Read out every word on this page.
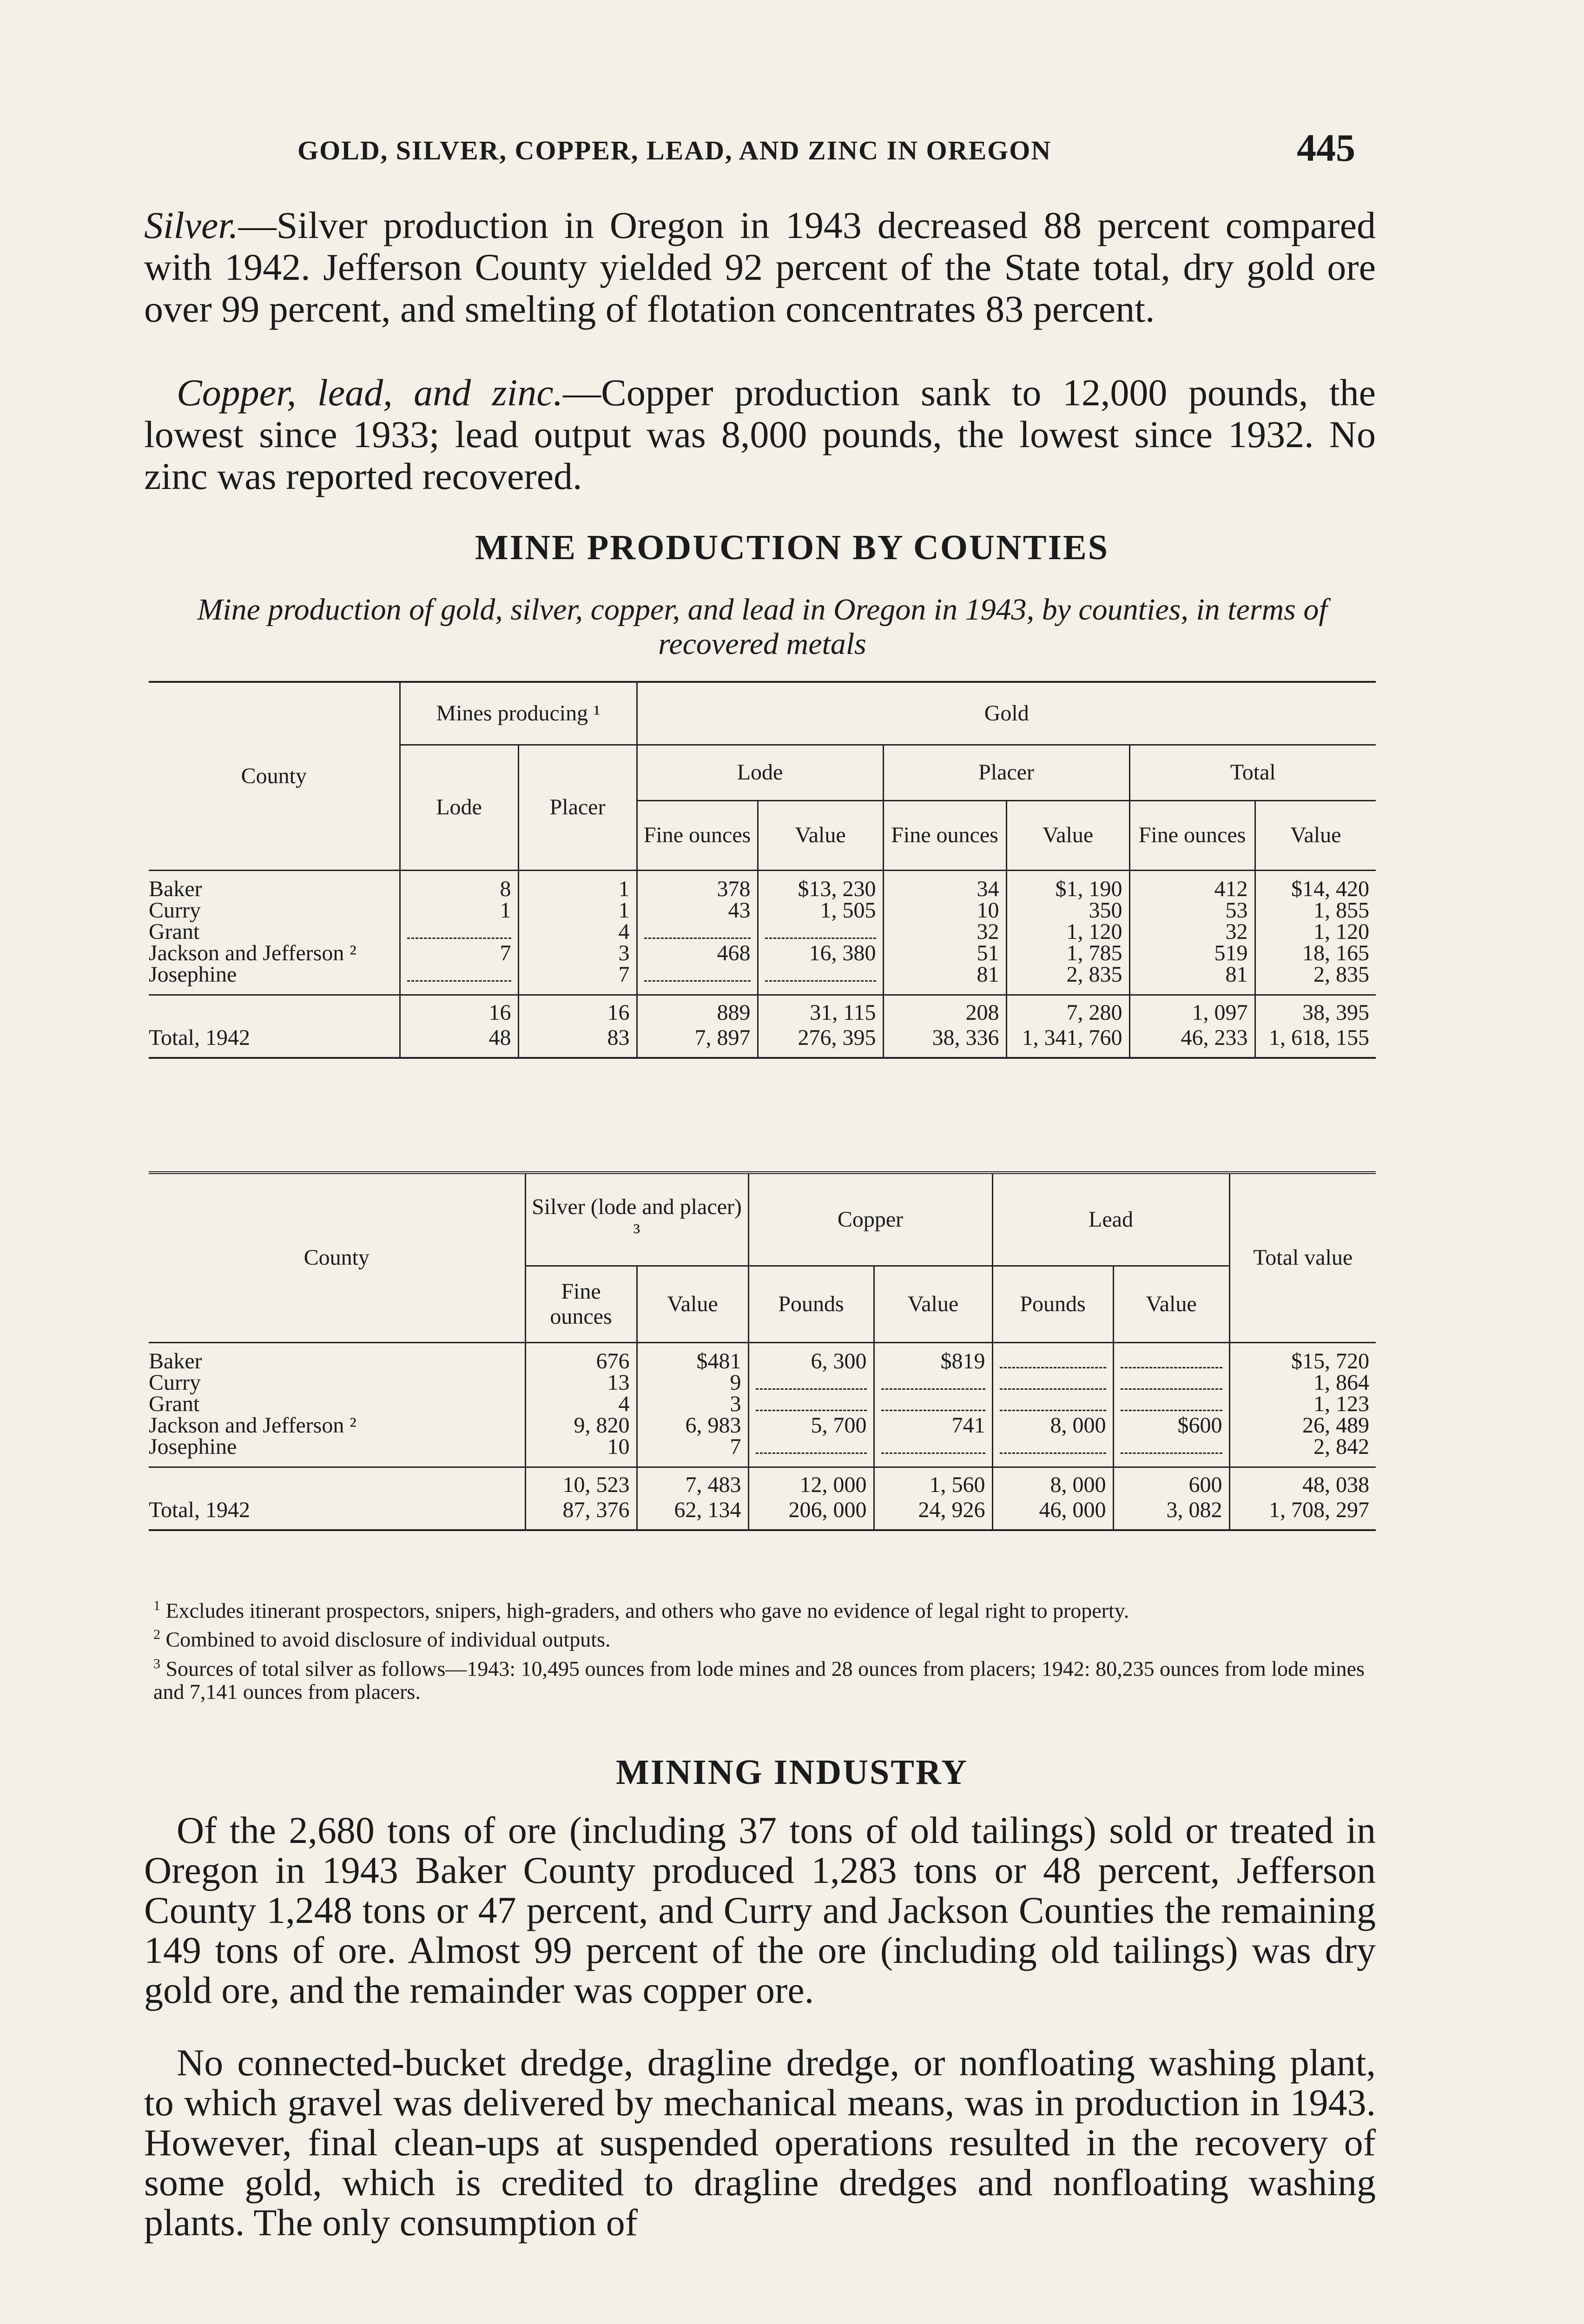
GOLD, SILVER, COPPER, LEAD, AND ZINC IN OREGON	445

Silver.—Silver production in Oregon in 1943 decreased 88 percent compared with 1942. Jefferson County yielded 92 percent of the State total, dry gold ore over 99 percent, and smelting of flotation concentrates 83 percent.

Copper, lead, and zinc.—Copper production sank to 12,000 pounds, the lowest since 1933; lead output was 8,000 pounds, the lowest since 1932. No zinc was reported recovered.

MINE PRODUCTION BY COUNTIES
Mine production of gold, silver, copper, and lead in Oregon in 1943, by counties, in terms of recovered metals
County	Mines producing ¹		Gold					
	Lode	Placer	Lode		Placer		Total	
			Fine ounces	Value	Fine ounces	Value	Fine ounces	Value

Baker	8	1	378	$13, 230	34	$1, 190	412	$14, 420
Curry	1	1	43	1, 505	10	350	53	1, 855
Grant		4			32	1, 120	32	1, 120
Jackson and Jefferson ²	7	3	468	16, 380	51	1, 785	519	18, 165
Josephine		7			81	2, 835	81	2, 835

	16	16	889	31, 115	208	7, 280	1, 097	38, 395
Total, 1942	48	83	7, 897	276, 395	38, 336	1, 341, 760	46, 233	1, 618, 155
County	Silver (lode and placer) ³		Copper		Lead		Total value
	Fine ounces	Value	Pounds	Value	Pounds	Value	

Baker	676	$481	6, 300	$819			$15, 720
Curry	13	9					1, 864
Grant	4	3					1, 123
Jackson and Jefferson ²	9, 820	6, 983	5, 700	741	8, 000	$600	26, 489
Josephine	10	7					2, 842

	10, 523	7, 483	12, 000	1, 560	8, 000	600	48, 038
Total, 1942	87, 376	62, 134	206, 000	24, 926	46, 000	3, 082	1, 708, 297

$^1$ Excludes itinerant prospectors, snipers, high-graders, and others who gave no evidence of legal right to property.

$^2$ Combined to avoid disclosure of individual outputs.

$^3$ Sources of total silver as follows—1943: 10,495 ounces from lode mines and 28 ounces from placers; 1942: 80,235 ounces from lode mines and 7,141 ounces from placers.

MINING INDUSTRY

Of the 2,680 tons of ore (including 37 tons of old tailings) sold or treated in Oregon in 1943 Baker County produced 1,283 tons or 48 percent, Jefferson County 1,248 tons or 47 percent, and Curry and Jackson Counties the remaining 149 tons of ore. Almost 99 percent of the ore (including old tailings) was dry gold ore, and the remainder was copper ore.

No connected-bucket dredge, dragline dredge, or nonfloating washing plant, to which gravel was delivered by mechanical means, was in production in 1943. However, final clean-ups at suspended operations resulted in the recovery of some gold, which is credited to dragline dredges and nonfloating washing plants. The only consumption of
